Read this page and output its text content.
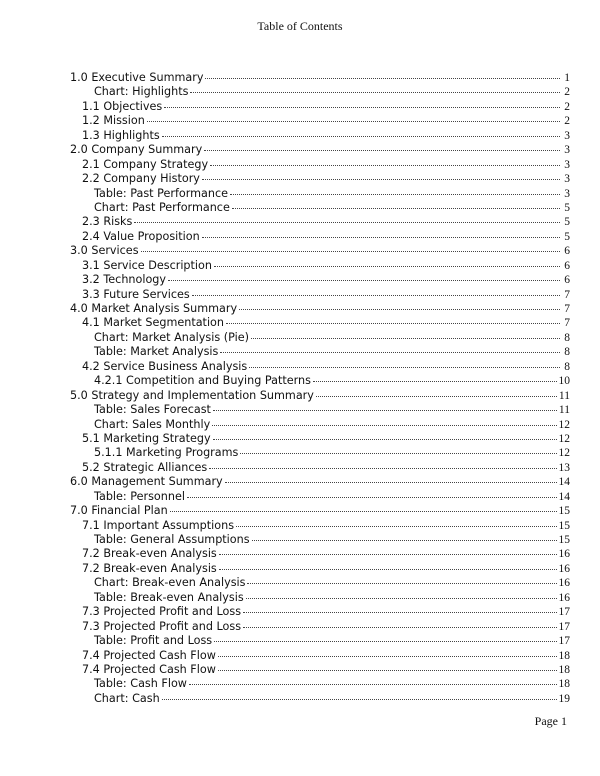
Table of Contents
1.0 Executive Summary	1
Chart: Highlights	2
1.1 Objectives	2
1.2 Mission	2
1.3 Highlights	3
2.0 Company Summary	3
2.1 Company Strategy	3
2.2 Company History	3
Table: Past Performance	3
Chart: Past Performance	5
2.3 Risks	5
2.4 Value Proposition	5
3.0 Services	6
3.1 Service Description	6
3.2 Technology	6
3.3 Future Services	7
4.0 Market Analysis Summary	7
4.1 Market Segmentation	7
Chart: Market Analysis (Pie)	8
Table: Market Analysis	8
4.2 Service Business Analysis	8
4.2.1 Competition and Buying Patterns	10
5.0 Strategy and Implementation Summary	11
Table: Sales Forecast	11
Chart: Sales Monthly	12
5.1 Marketing Strategy	12
5.1.1 Marketing Programs	12
5.2 Strategic Alliances	13
6.0 Management Summary	14
Table: Personnel	14
7.0 Financial Plan	15
7.1 Important Assumptions	15
Table: General Assumptions	15
7.2 Break-even Analysis	16
7.2 Break-even Analysis	16
Chart: Break-even Analysis	16
Table: Break-even Analysis	16
7.3 Projected Profit and Loss	17
7.3 Projected Profit and Loss	17
Table: Profit and Loss	17
7.4 Projected Cash Flow	18
7.4 Projected Cash Flow	18
Table: Cash Flow	18
Chart: Cash	19
Page 1
